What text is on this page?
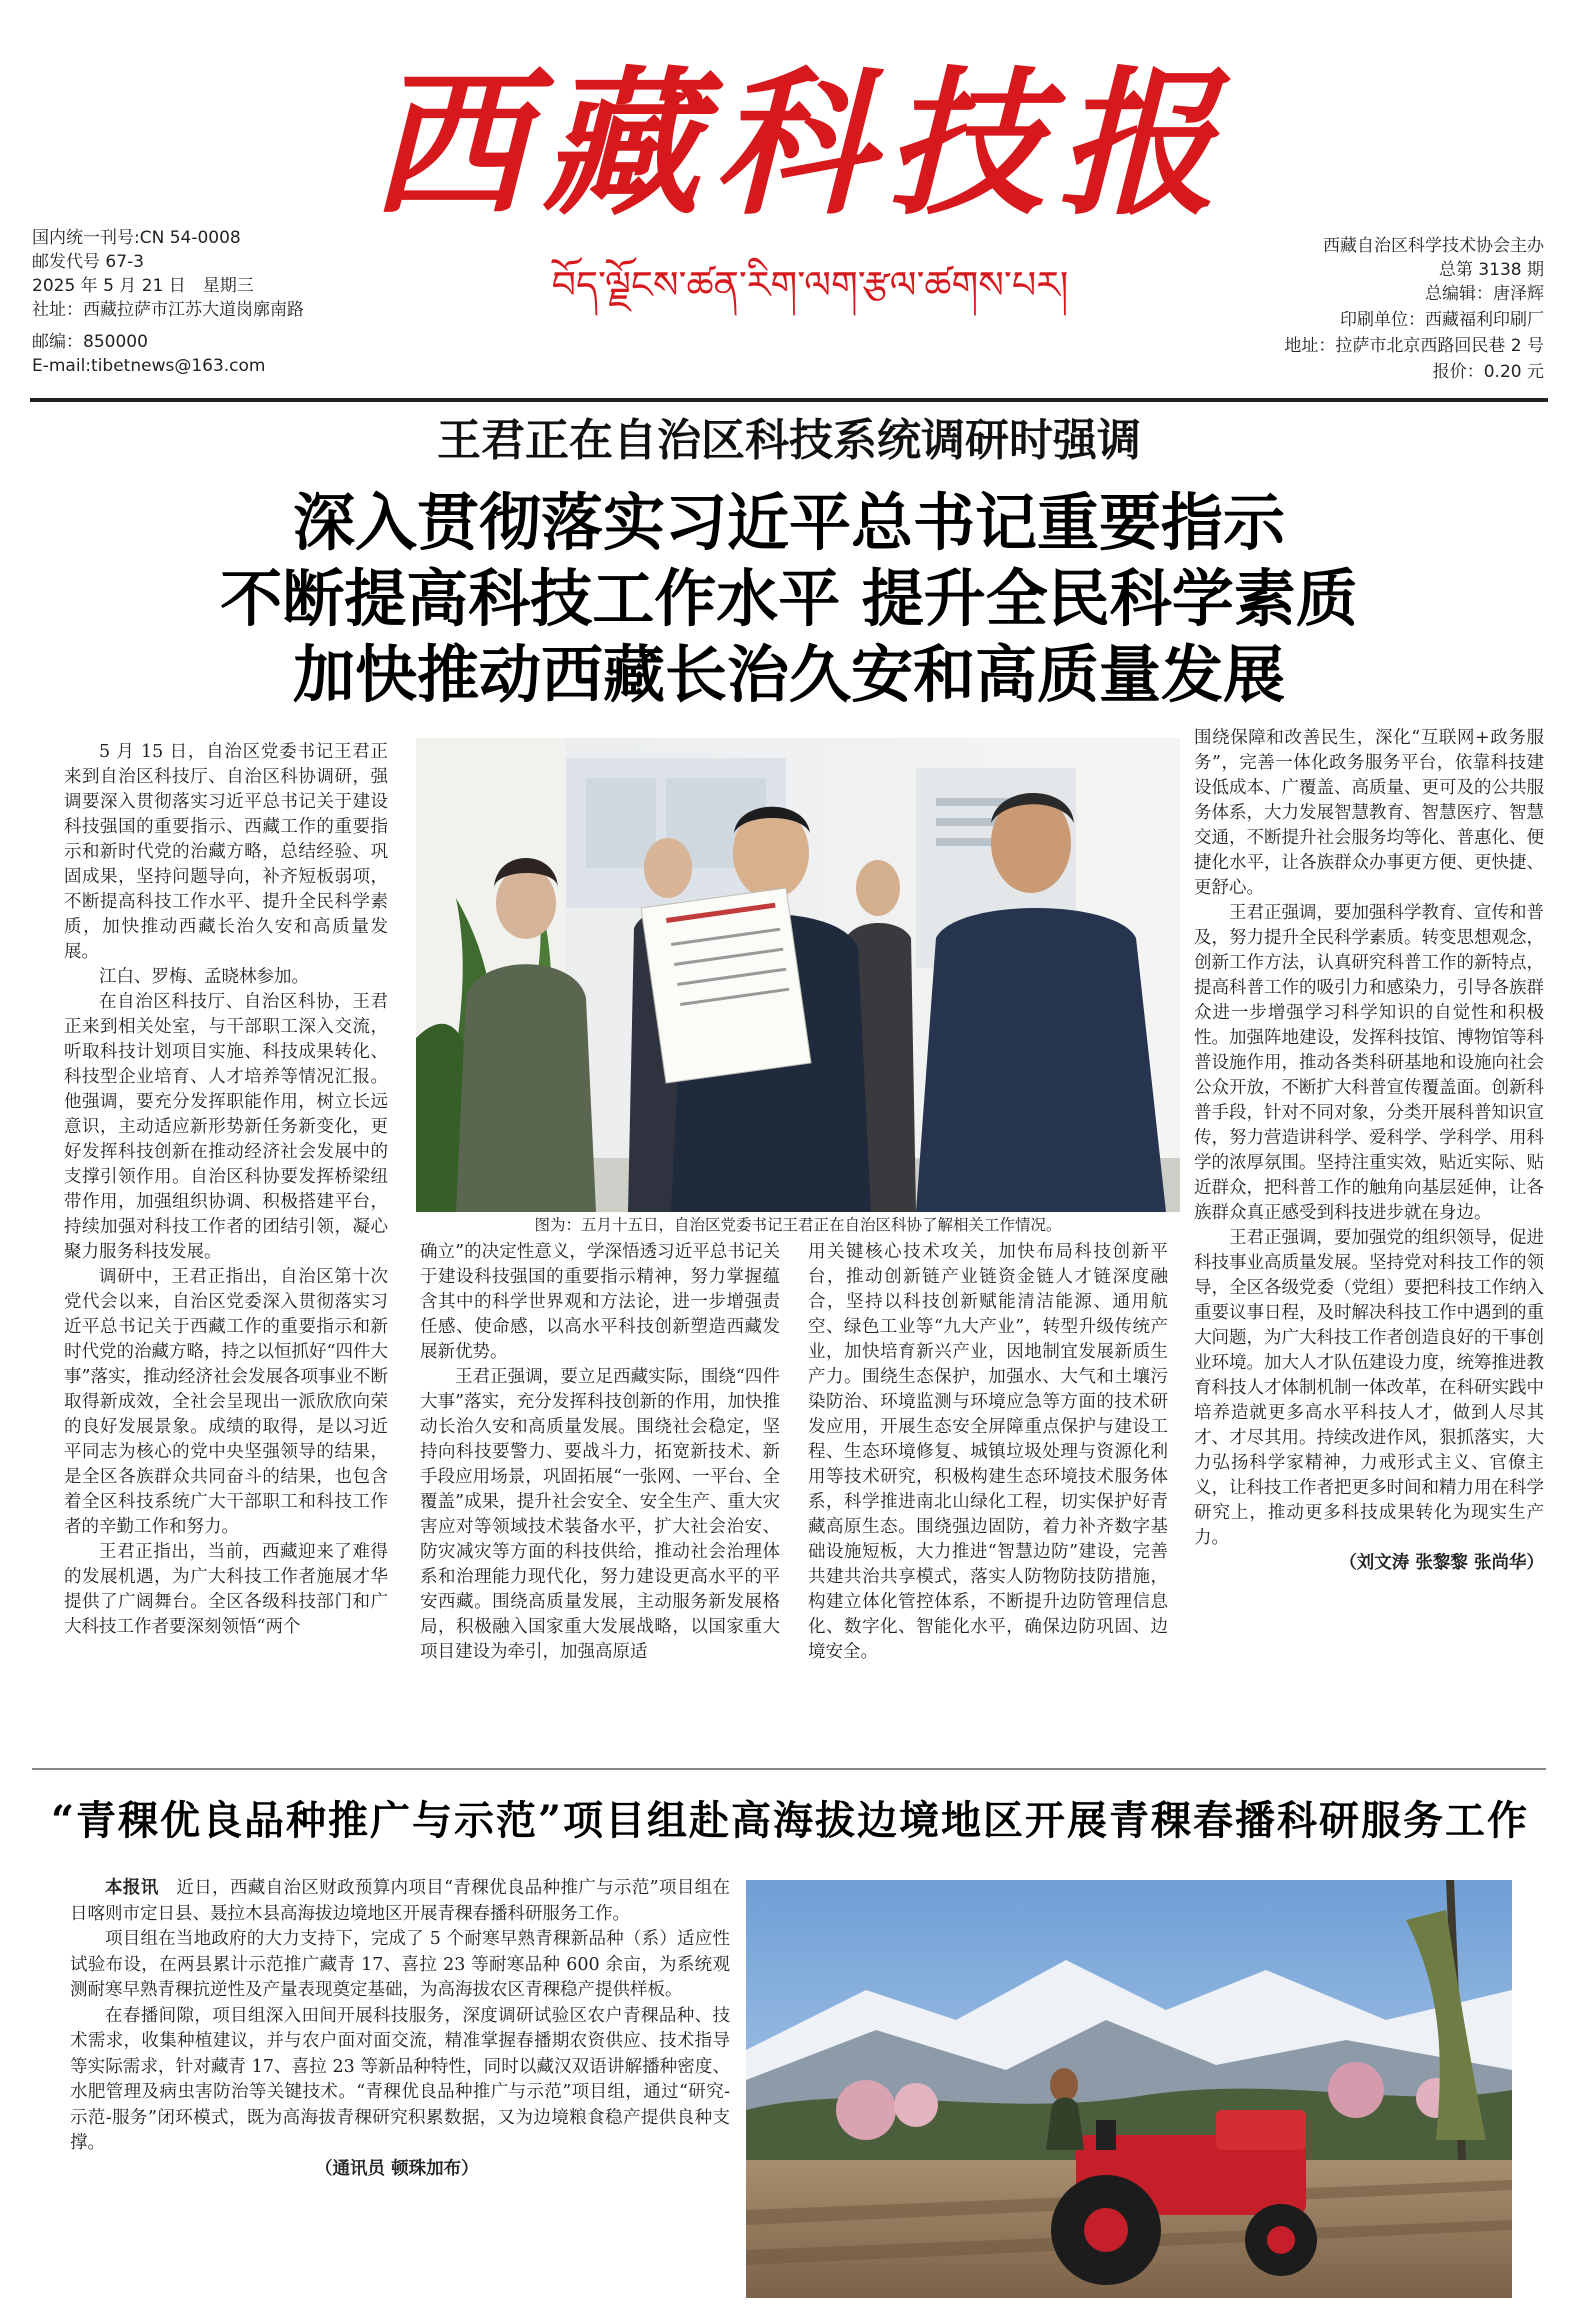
西藏科技报
国内统一刊号:CN 54-0008
邮发代号 67-3
2025 年 5 月 21 日　星期三
社址：西藏拉萨市江苏大道岗廓南路
邮编：850000
E-mail:tibetnews@163.com
བོད་ལྗོངས་ཚན་རིག་ལག་རྩལ་ཚགས་པར།
西藏自治区科学技术协会主办
总第 3138 期
总编辑：唐泽辉
印刷单位：西藏福利印刷厂
地址：拉萨市北京西路回民巷 2 号
报价：0.20 元
王君正在自治区科技系统调研时强调
深入贯彻落实习近平总书记重要指示
不断提高科技工作水平 提升全民科学素质
加快推动西藏长治久安和高质量发展

5 月 15 日，自治区党委书记王君正来到自治区科技厅、自治区科协调研，强调要深入贯彻落实习近平总书记关于建设科技强国的重要指示、西藏工作的重要指示和新时代党的治藏方略，总结经验、巩固成果，坚持问题导向，补齐短板弱项，不断提高科技工作水平、提升全民科学素质，加快推动西藏长治久安和高质量发展。

江白、罗梅、孟晓林参加。

在自治区科技厅、自治区科协，王君正来到相关处室，与干部职工深入交流，听取科技计划项目实施、科技成果转化、科技型企业培育、人才培养等情况汇报。他强调，要充分发挥职能作用，树立长远意识，主动适应新形势新任务新变化，更好发挥科技创新在推动经济社会发展中的支撑引领作用。自治区科协要发挥桥梁纽带作用，加强组织协调、积极搭建平台，持续加强对科技工作者的团结引领，凝心聚力服务科技发展。

调研中，王君正指出，自治区第十次党代会以来，自治区党委深入贯彻落实习近平总书记关于西藏工作的重要指示和新时代党的治藏方略，持之以恒抓好“四件大事”落实，推动经济社会发展各项事业不断取得新成效，全社会呈现出一派欣欣向荣的良好发展景象。成绩的取得，是以习近平同志为核心的党中央坚强领导的结果，是全区各族群众共同奋斗的结果，也包含着全区科技系统广大干部职工和科技工作者的辛勤工作和努力。

王君正指出，当前，西藏迎来了难得的发展机遇，为广大科技工作者施展才华提供了广阔舞台。全区各级科技部门和广大科技工作者要深刻领悟“两个

图为：五月十五日，自治区党委书记王君正在自治区科协了解相关工作情况。

确立”的决定性意义，学深悟透习近平总书记关于建设科技强国的重要指示精神，努力掌握蕴含其中的科学世界观和方法论，进一步增强责任感、使命感，以高水平科技创新塑造西藏发展新优势。

王君正强调，要立足西藏实际，围绕“四件大事”落实，充分发挥科技创新的作用，加快推动长治久安和高质量发展。围绕社会稳定，坚持向科技要警力、要战斗力，拓宽新技术、新手段应用场景，巩固拓展“一张网、一平台、全覆盖”成果，提升社会安全、安全生产、重大灾害应对等领域技术装备水平，扩大社会治安、防灾减灾等方面的科技供给，推动社会治理体系和治理能力现代化，努力建设更高水平的平安西藏。围绕高质量发展，主动服务新发展格局，积极融入国家重大发展战略，以国家重大项目建设为牵引，加强高原适

用关键核心技术攻关，加快布局科技创新平台，推动创新链产业链资金链人才链深度融合，坚持以科技创新赋能清洁能源、通用航空、绿色工业等“九大产业”，转型升级传统产业，加快培育新兴产业，因地制宜发展新质生产力。围绕生态保护，加强水、大气和土壤污染防治、环境监测与环境应急等方面的技术研发应用，开展生态安全屏障重点保护与建设工程、生态环境修复、城镇垃圾处理与资源化利用等技术研究，积极构建生态环境技术服务体系，科学推进南北山绿化工程，切实保护好青藏高原生态。围绕强边固防，着力补齐数字基础设施短板，大力推进“智慧边防”建设，完善共建共治共享模式，落实人防物防技防措施，构建立体化管控体系，不断提升边防管理信息化、数字化、智能化水平，确保边防巩固、边境安全。

围绕保障和改善民生，深化“互联网+政务服务”，完善一体化政务服务平台，依靠科技建设低成本、广覆盖、高质量、更可及的公共服务体系，大力发展智慧教育、智慧医疗、智慧交通，不断提升社会服务均等化、普惠化、便捷化水平，让各族群众办事更方便、更快捷、更舒心。

王君正强调，要加强科学教育、宣传和普及，努力提升全民科学素质。转变思想观念，创新工作方法，认真研究科普工作的新特点，提高科普工作的吸引力和感染力，引导各族群众进一步增强学习科学知识的自觉性和积极性。加强阵地建设，发挥科技馆、博物馆等科普设施作用，推动各类科研基地和设施向社会公众开放，不断扩大科普宣传覆盖面。创新科普手段，针对不同对象，分类开展科普知识宣传，努力营造讲科学、爱科学、学科学、用科学的浓厚氛围。坚持注重实效，贴近实际、贴近群众，把科普工作的触角向基层延伸，让各族群众真正感受到科技进步就在身边。

王君正强调，要加强党的组织领导，促进科技事业高质量发展。坚持党对科技工作的领导，全区各级党委（党组）要把科技工作纳入重要议事日程，及时解决科技工作中遇到的重大问题，为广大科技工作者创造良好的干事创业环境。加大人才队伍建设力度，统筹推进教育科技人才体制机制一体改革，在科研实践中培养造就更多高水平科技人才，做到人尽其才、才尽其用。持续改进作风，狠抓落实，大力弘扬科学家精神，力戒形式主义、官僚主义，让科技工作者把更多时间和精力用在科学研究上，推动更多科技成果转化为现实生产力。

（刘文涛 张黎黎 张尚华）

“青稞优良品种推广与示范”项目组赴高海拔边境地区开展青稞春播科研服务工作

本报讯　 近日，西藏自治区财政预算内项目“青稞优良品种推广与示范”项目组在日喀则市定日县、聂拉木县高海拔边境地区开展青稞春播科研服务工作。

项目组在当地政府的大力支持下，完成了 5 个耐寒早熟青稞新品种（系）适应性试验布设，在两县累计示范推广藏青 17、喜拉 23 等耐寒品种 600 余亩，为系统观测耐寒早熟青稞抗逆性及产量表现奠定基础，为高海拔农区青稞稳产提供样板。

在春播间隙，项目组深入田间开展科技服务，深度调研试验区农户青稞品种、技术需求，收集种植建议，并与农户面对面交流，精准掌握春播期农资供应、技术指导等实际需求，针对藏青 17、喜拉 23 等新品种特性，同时以藏汉双语讲解播种密度、水肥管理及病虫害防治等关键技术。“青稞优良品种推广与示范”项目组，通过“研究-示范-服务”闭环模式，既为高海拔青稞研究积累数据，又为边境粮食稳产提供良种支撑。

（通讯员 顿珠加布）
